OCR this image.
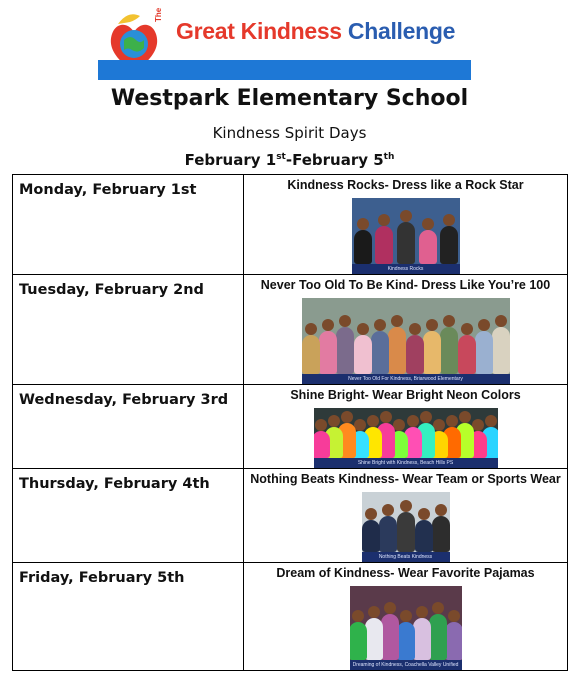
The
Great Kindness Challenge
Westpark Elementary School
Kindness Spirit Days
February 1st-February 5th
Monday, February 1st	Kindness Rocks- Dress like a Rock Star
Kindness Rocks

Tuesday, February 2nd	Never Too Old To Be Kind- Dress Like You’re 100
Never Too Old For Kindness, Briarwood Elementary

Wednesday, February 3rd	Shine Bright- Wear Bright Neon Colors
Shine Bright with Kindness, Beach Hills PS

Thursday, February 4th	Nothing Beats Kindness- Wear Team or Sports Wear
Nothing Beats Kindness

Friday, February 5th	Dream of Kindness- Wear Favorite Pajamas
Dreaming of Kindness, Coachella Valley Unified
